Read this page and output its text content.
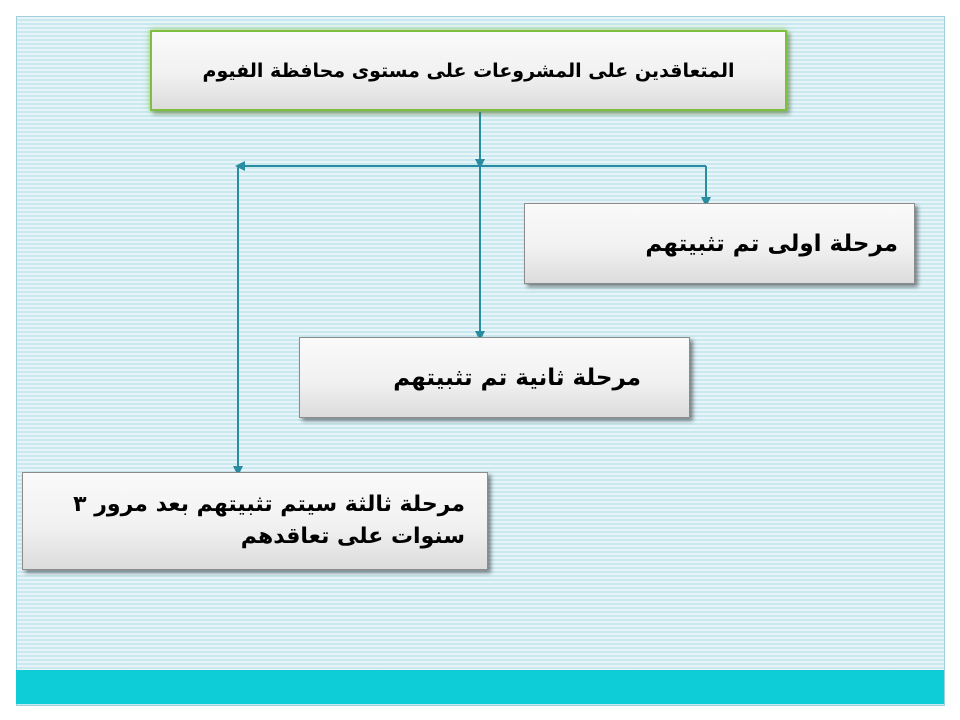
المتعاقدين على المشروعات على مستوى محافظة الفيوم
مرحلة اولى تم تثبيتهم
مرحلة ثانية تم تثبيتهم
مرحلة ثالثة سيتم تثبيتهم بعد مرور ٣ سنوات على تعاقدهم
